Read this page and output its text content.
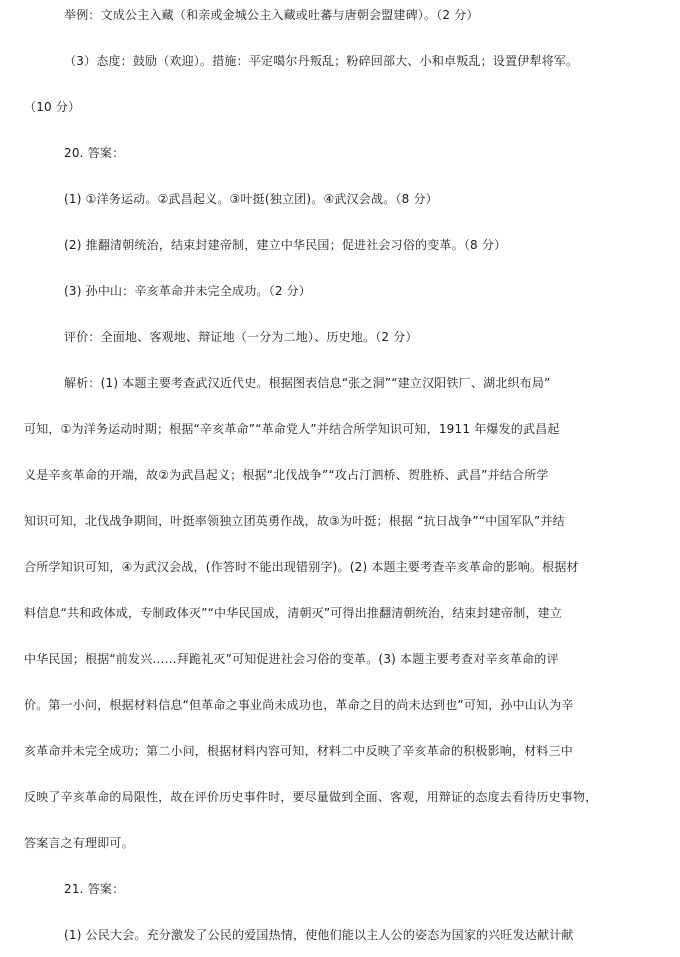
举例：文成公主入藏（和亲或金城公主入藏或吐蕃与唐朝会盟建碑）。（2 分）
（3）态度：鼓励（欢迎）。措施：平定噶尔丹叛乱；粉碎回部大、小和卓叛乱；设置伊犁将军。
（10 分）
20. 答案：
(1) ①洋务运动。②武昌起义。③叶挺(独立团)。④武汉会战。（8 分）
(2) 推翻清朝统治，结束封建帝制，建立中华民国；促进社会习俗的变革。（8 分）
(3) 孙中山：辛亥革命并未完全成功。（2 分）
评价：全面地、客观地、辩证地（一分为二地）、历史地。（2 分）
解析：(1) 本题主要考查武汉近代史。根据图表信息“张之洞”“建立汉阳铁厂、湖北织布局”
可知，①为洋务运动时期；根据“辛亥革命”“革命党人”并结合所学知识可知，1911 年爆发的武昌起
义是辛亥革命的开端，故②为武昌起义；根据“北伐战争”“攻占汀泗桥、贺胜桥、武昌”并结合所学
知识可知，北伐战争期间，叶挺率领独立团英勇作战，故③为叶挺；根据 “抗日战争”“中国军队”并结
合所学知识可知，④为武汉会战，(作答时不能出现错别字)。(2) 本题主要考查辛亥革命的影响。根据材
料信息“共和政体成，专制政体灭”“中华民国成，清朝灭”可得出推翻清朝统治，结束封建帝制，建立
中华民国；根据“前发兴……拜跪礼灭”可知促进社会习俗的变革。(3) 本题主要考查对辛亥革命的评
价。第一小问，根据材料信息“但革命之事业尚未成功也，革命之目的尚未达到也”可知，孙中山认为辛
亥革命并未完全成功；第二小问，根据材料内容可知，材料二中反映了辛亥革命的积极影响，材料三中
反映了辛亥革命的局限性，故在评价历史事件时，要尽量做到全面、客观，用辩证的态度去看待历史事物，
答案言之有理即可。
21. 答案：
(1) 公民大会。充分激发了公民的爱国热情，使他们能以主人公的姿态为国家的兴旺发达献计献
